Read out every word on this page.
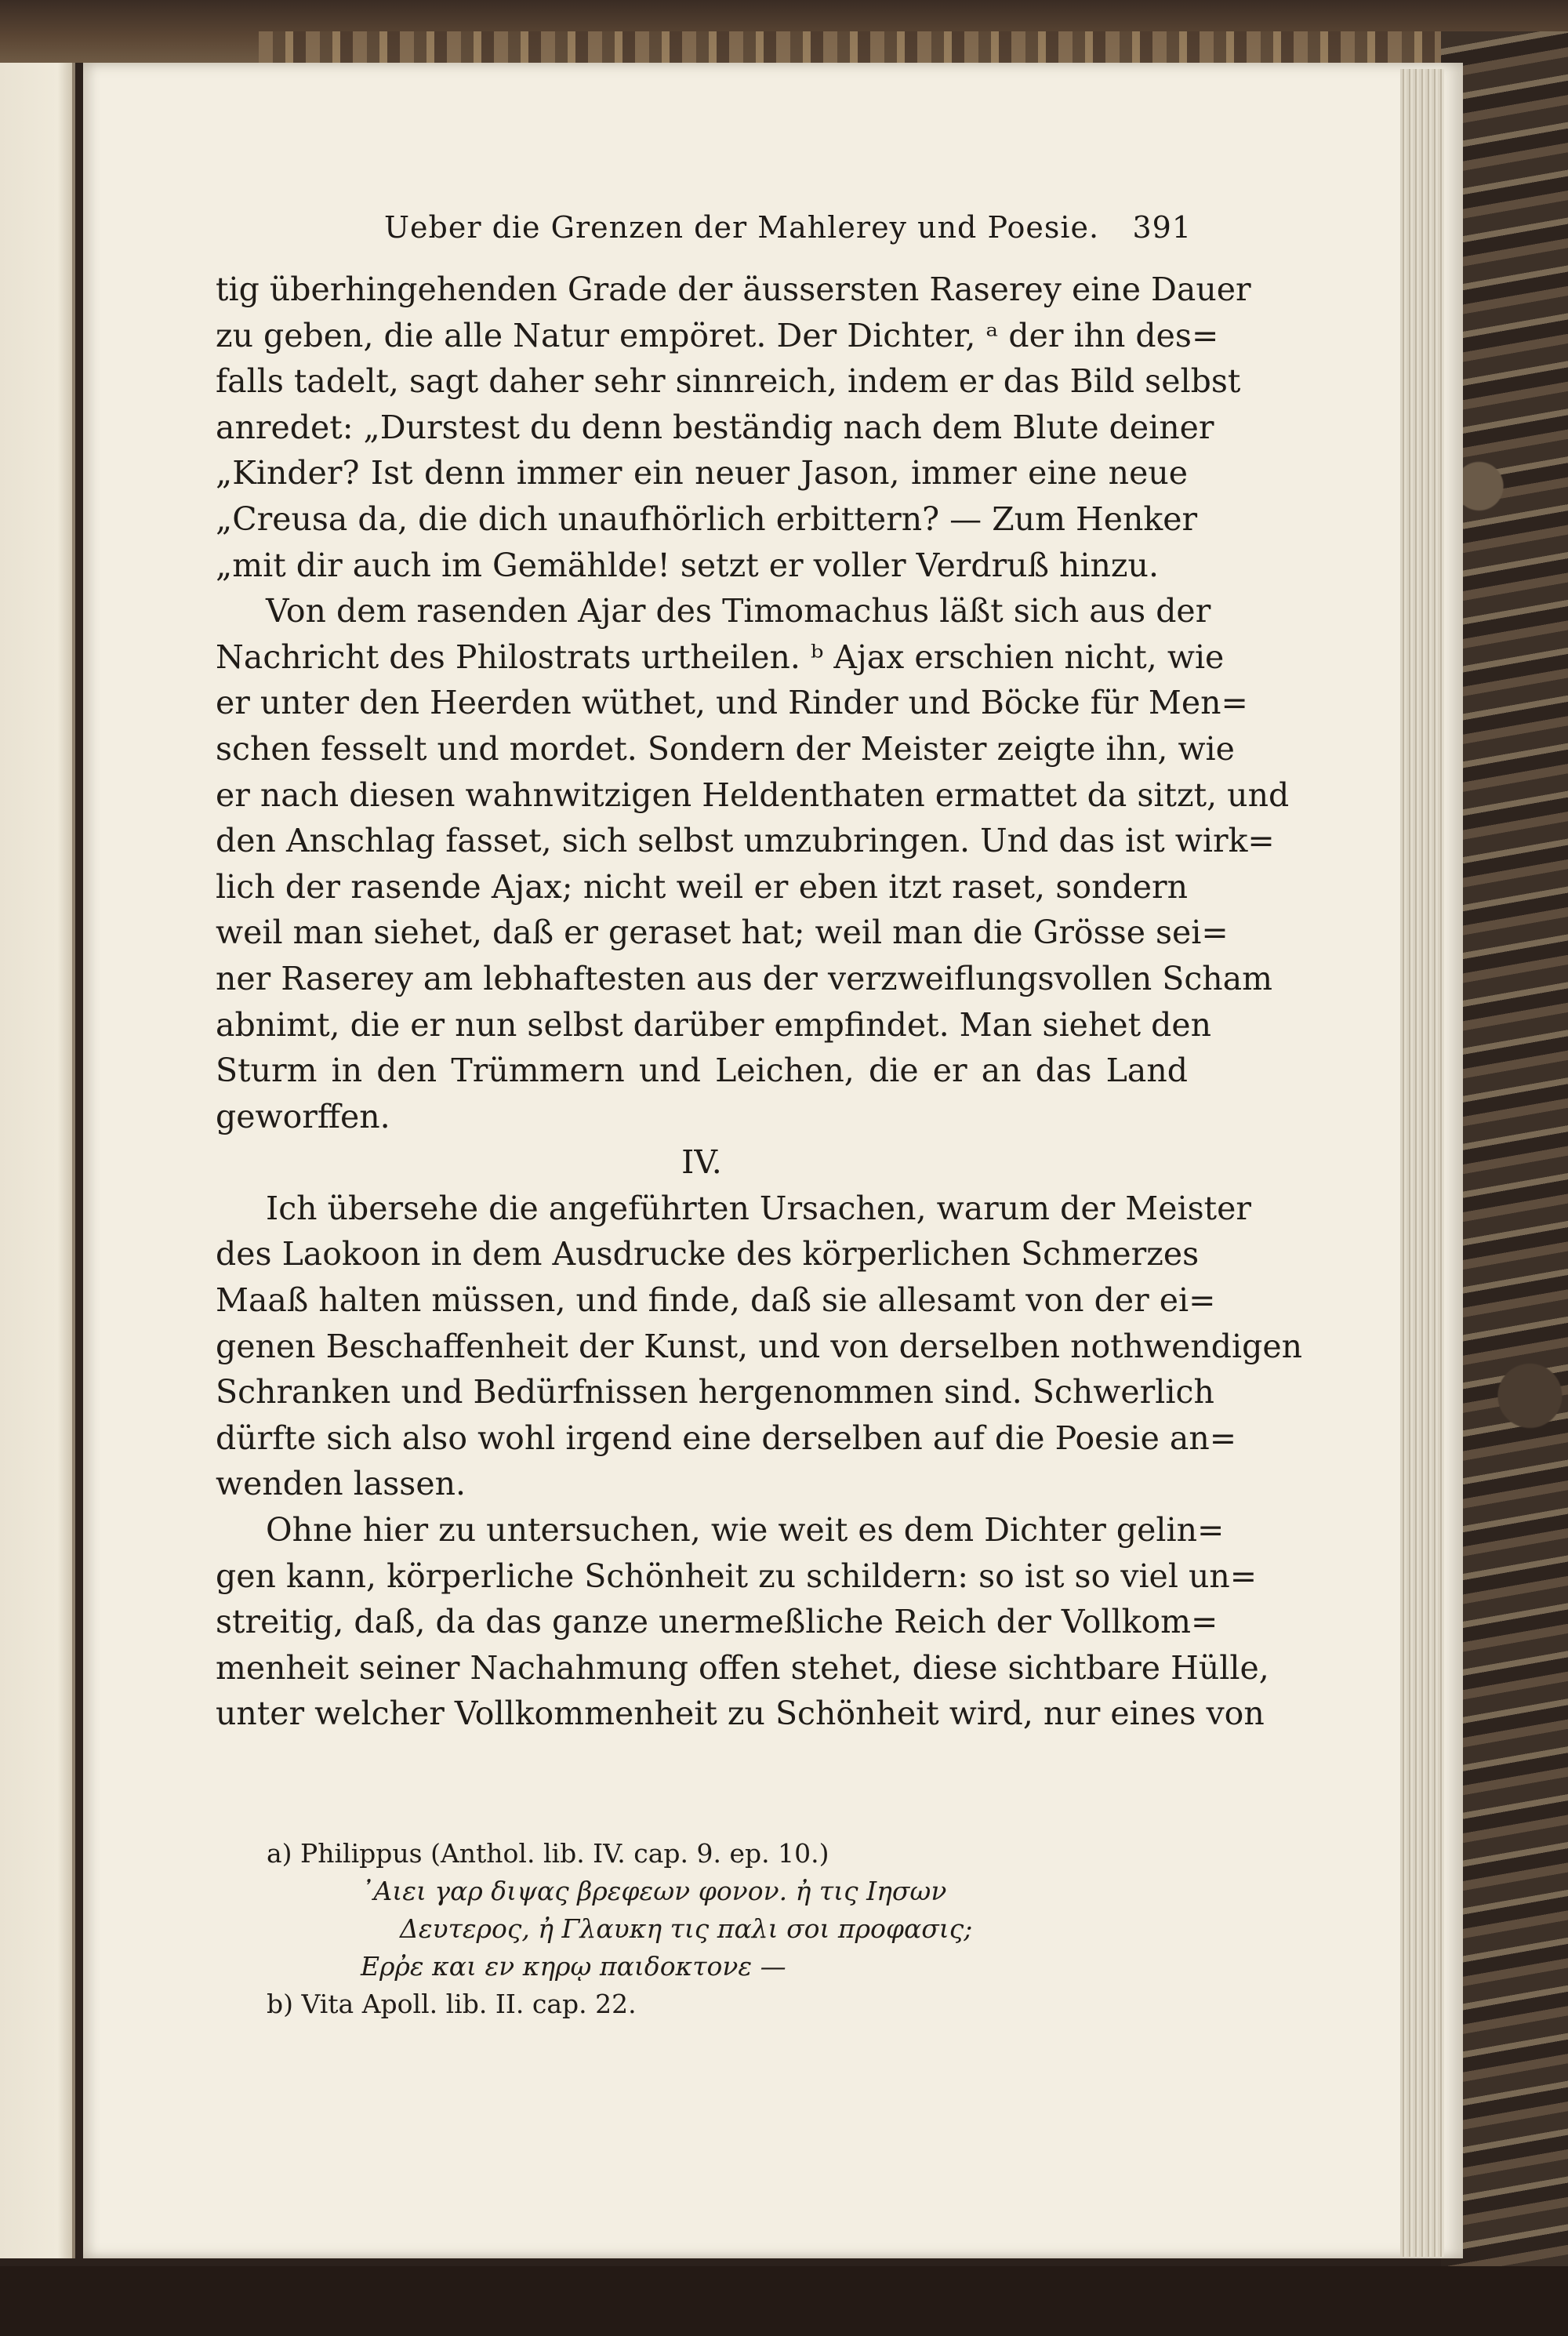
Ueber die Grenzen der Mahlerey und Poesie. 391
tig überhingehenden Grade der äussersten Raserey eine Dauer
zu geben, die alle Natur empöret. Der Dichter, ᵃ der ihn des=
falls tadelt, sagt daher sehr sinnreich, indem er das Bild selbst
anredet: „Durstest du denn beständig nach dem Blute deiner
„Kinder? Ist denn immer ein neuer Jason, immer eine neue
„Creusa da, die dich unaufhörlich erbittern? — Zum Henker
„mit dir auch im Gemählde! setzt er voller Verdruß hinzu.
Von dem rasenden Ajar des Timomachus läßt sich aus der
Nachricht des Philostrats urtheilen. ᵇ Ajax erschien nicht, wie
er unter den Heerden wüthet, und Rinder und Böcke für Men=
schen fesselt und mordet. Sondern der Meister zeigte ihn, wie
er nach diesen wahnwitzigen Heldenthaten ermattet da sitzt, und
den Anschlag fasset, sich selbst umzubringen. Und das ist wirk=
lich der rasende Ajax; nicht weil er eben itzt raset, sondern
weil man siehet, daß er geraset hat; weil man die Grösse sei=
ner Raserey am lebhaftesten aus der verzweiflungsvollen Scham
abnimt, die er nun selbst darüber empfindet. Man siehet den
Sturm in den Trümmern und Leichen, die er an das Land
geworffen.
IV.
Ich übersehe die angeführten Ursachen, warum der Meister
des Laokoon in dem Ausdrucke des körperlichen Schmerzes
Maaß halten müssen, und finde, daß sie allesamt von der ei=
genen Beschaffenheit der Kunst, und von derselben nothwendigen
Schranken und Bedürfnissen hergenommen sind. Schwerlich
dürfte sich also wohl irgend eine derselben auf die Poesie an=
wenden lassen.
Ohne hier zu untersuchen, wie weit es dem Dichter gelin=
gen kann, körperliche Schönheit zu schildern: so ist so viel un=
streitig, daß, da das ganze unermeßliche Reich der Vollkom=
menheit seiner Nachahmung offen stehet, diese sichtbare Hülle,
unter welcher Vollkommenheit zu Schönheit wird, nur eines von
a) Philippus (Anthol. lib. IV. cap. 9. ep. 10.)
᾿Αιει γαρ διψας βρεφεων φονον. ἠ τις Ιησων
Δευτερος, ἠ Γλαυκη τις παλι σοι προφασις;
Ερῤε και εν κηρῳ παιδοκτονε —
b) Vita Apoll. lib. II. cap. 22.
